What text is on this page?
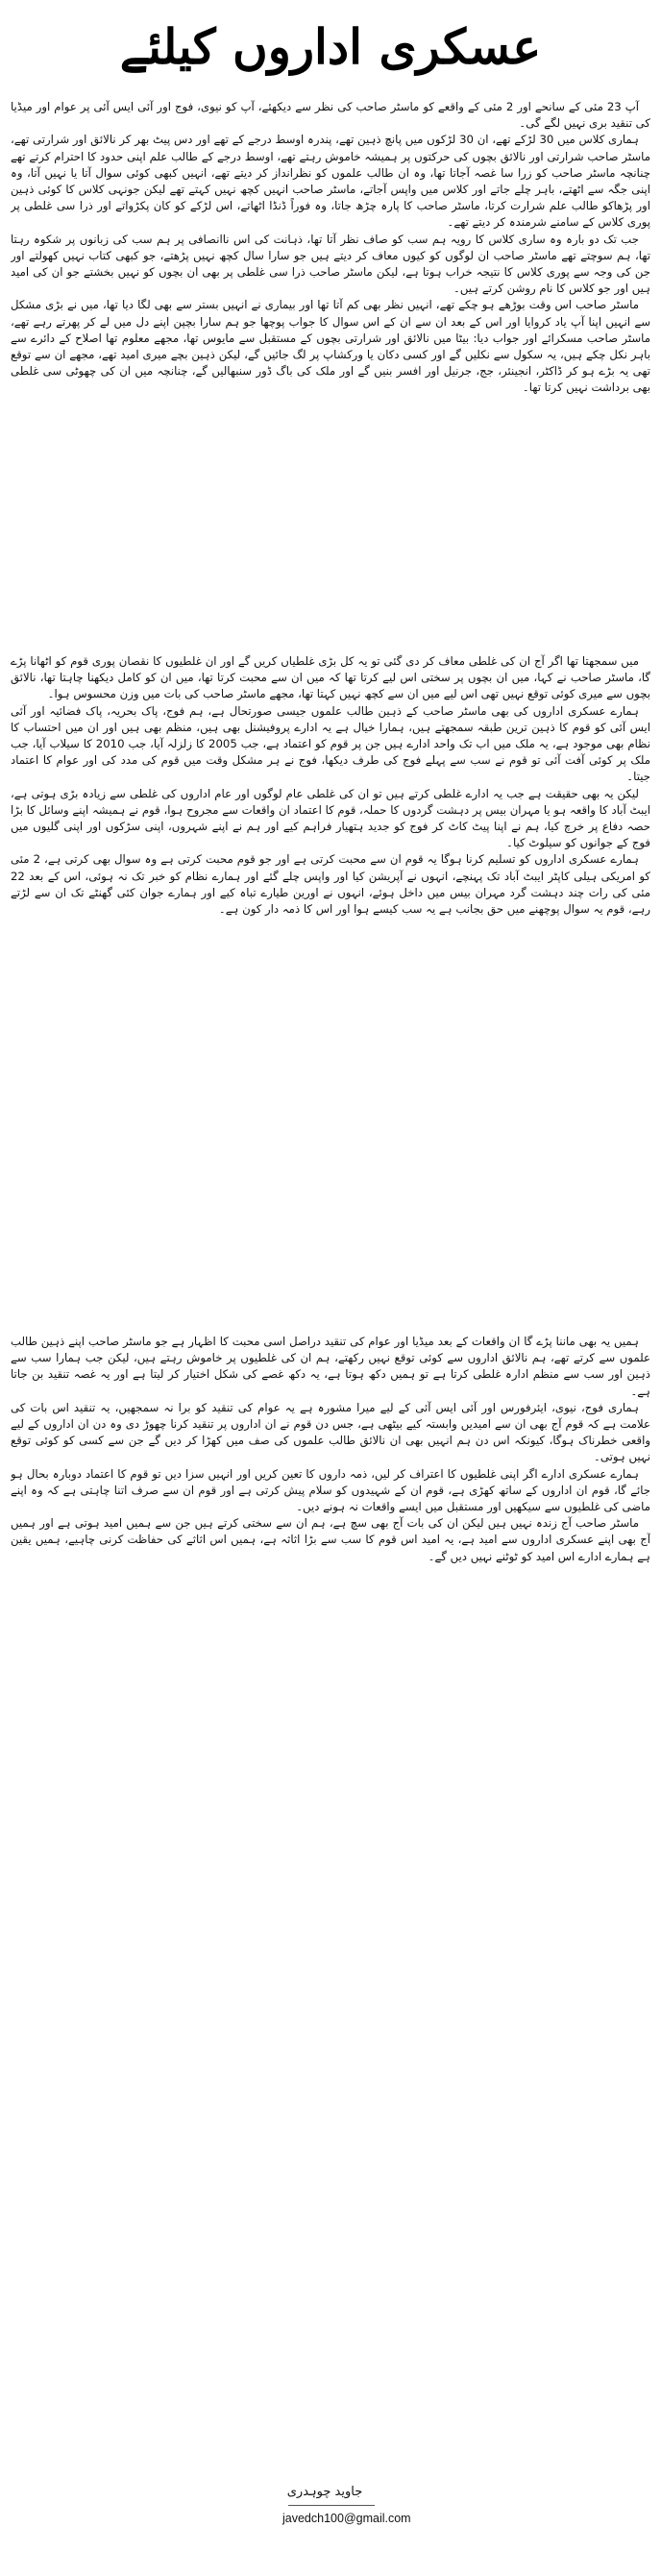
عسکری اداروں کیلئے

آپ 23 مئی کے سانحے اور 2 مئی کے واقعے کو ماسٹر صاحب کی نظر سے دیکھئے، آپ کو نیوی، فوج اور آئی ایس آئی پر عوام اور میڈیا کی تنقید بری نہیں لگے گی۔

ہماری کلاس میں 30 لڑکے تھے، ان 30 لڑکوں میں پانچ ذہین تھے، پندرہ اوسط درجے کے تھے اور دس پیٹ بھر کر نالائق اور شرارتی تھے، ماسٹر صاحب شرارتی اور نالائق بچوں کی حرکتوں پر ہمیشہ خاموش رہتے تھے، اوسط درجے کے طالب علم اپنی حدود کا احترام کرتے تھے چنانچہ ماسٹر صاحب کو زرا سا غصہ آجاتا تھا، وہ ان طالب علموں کو نظرانداز کر دیتے تھے، انہیں کبھی کوئی سوال آتا یا نہیں آتا، وہ اپنی جگہ سے اٹھتے، باہر چلے جاتے اور کلاس میں واپس آجاتے، ماسٹر صاحب انہیں کچھ نہیں کہتے تھے لیکن جونہی کلاس کا کوئی ذہین اور پڑھاکو طالب علم شرارت کرتا، ماسٹر صاحب کا پارہ چڑھ جاتا، وہ فوراً ڈنڈا اٹھاتے، اس لڑکے کو کان پکڑواتے اور ذرا سی غلطی پر پوری کلاس کے سامنے شرمندہ کر دیتے تھے۔

جب تک دو بارہ وہ ساری کلاس کا رویہ ہم سب کو صاف نظر آتا تھا، ذہانت کی اس ناانصافی پر ہم سب کی زبانوں پر شکوہ رہتا تھا، ہم سوچتے تھے ماسٹر صاحب ان لوگوں کو کیوں معاف کر دیتے ہیں جو سارا سال کچھ نہیں پڑھتے، جو کبھی کتاب نہیں کھولتے اور جن کی وجہ سے پوری کلاس کا نتیجہ خراب ہوتا ہے، لیکن ماسٹر صاحب ذرا سی غلطی پر بھی ان بچوں کو نہیں بخشتے جو ان کی امید ہیں اور جو کلاس کا نام روشن کرتے ہیں۔

ماسٹر صاحب اس وقت بوڑھے ہو چکے تھے، انہیں نظر بھی کم آتا تھا اور بیماری نے انہیں بستر سے بھی لگا دیا تھا، میں نے بڑی مشکل سے انہیں اپنا آپ یاد کروایا اور اس کے بعد ان سے ان کے اس سوال کا جواب پوچھا جو ہم سارا بچپن اپنے دل میں لے کر پھرتے رہے تھے، ماسٹر صاحب مسکرائے اور جواب دیا: بیٹا میں نالائق اور شرارتی بچوں کے مستقبل سے مایوس تھا، مجھے معلوم تھا اصلاح کے دائرے سے باہر نکل چکے ہیں، یہ سکول سے نکلیں گے اور کسی دکان یا ورکشاپ پر لگ جائیں گے، لیکن ذہین بچے میری امید تھے، مجھے ان سے توقع تھی یہ بڑے ہو کر ڈاکٹر، انجینئر، جج، جرنیل اور افسر بنیں گے اور ملک کی باگ ڈور سنبھالیں گے، چنانچہ میں ان کی چھوٹی سی غلطی بھی برداشت نہیں کرتا تھا۔

میں سمجھتا تھا اگر آج ان کی غلطی معاف کر دی گئی تو یہ کل بڑی غلطیاں کریں گے اور ان غلطیوں کا نقصان پوری قوم کو اٹھانا پڑے گا، ماسٹر صاحب نے کہا، میں ان بچوں پر سختی اس لیے کرتا تھا کہ میں ان سے محبت کرتا تھا، میں ان کو کامل دیکھنا چاہتا تھا، نالائق بچوں سے میری کوئی توقع نہیں تھی اس لیے میں ان سے کچھ نہیں کہتا تھا، مجھے ماسٹر صاحب کی بات میں وزن محسوس ہوا۔

ہمارے عسکری اداروں کی بھی ماسٹر صاحب کے ذہین طالب علموں جیسی صورتحال ہے، ہم فوج، پاک بحریہ، پاک فضائیہ اور آئی ایس آئی کو قوم کا ذہین ترین طبقہ سمجھتے ہیں، ہمارا خیال ہے یہ ادارے پروفیشنل بھی ہیں، منظم بھی ہیں اور ان میں احتساب کا نظام بھی موجود ہے، یہ ملک میں اب تک واحد ادارے ہیں جن پر قوم کو اعتماد ہے، جب 2005 کا زلزلہ آیا، جب 2010 کا سیلاب آیا، جب ملک پر کوئی آفت آئی تو قوم نے سب سے پہلے فوج کی طرف دیکھا، فوج نے ہر مشکل وقت میں قوم کی مدد کی اور عوام کا اعتماد جیتا۔

لیکن یہ بھی حقیقت ہے جب یہ ادارے غلطی کرتے ہیں تو ان کی غلطی عام لوگوں اور عام اداروں کی غلطی سے زیادہ بڑی ہوتی ہے، ایبٹ آباد کا واقعہ ہو یا مہران بیس پر دہشت گردوں کا حملہ، قوم کا اعتماد ان واقعات سے مجروح ہوا، قوم نے ہمیشہ اپنے وسائل کا بڑا حصہ دفاع پر خرچ کیا، ہم نے اپنا پیٹ کاٹ کر فوج کو جدید ہتھیار فراہم کیے اور ہم نے اپنے شہروں، اپنی سڑکوں اور اپنی گلیوں میں فوج کے جوانوں کو سیلوٹ کیا۔

ہمارے عسکری اداروں کو تسلیم کرنا ہوگا یہ قوم ان سے محبت کرتی ہے اور جو قوم محبت کرتی ہے وہ سوال بھی کرتی ہے، 2 مئی کو امریکی ہیلی کاپٹر ایبٹ آباد تک پہنچے، انہوں نے آپریشن کیا اور واپس چلے گئے اور ہمارے نظام کو خبر تک نہ ہوئی، اس کے بعد 22 مئی کی رات چند دہشت گرد مہران بیس میں داخل ہوئے، انہوں نے اورین طیارے تباہ کیے اور ہمارے جوان کئی گھنٹے تک ان سے لڑتے رہے، قوم یہ سوال پوچھنے میں حق بجانب ہے یہ سب کیسے ہوا اور اس کا ذمہ دار کون ہے۔

ہمیں یہ بھی ماننا پڑے گا ان واقعات کے بعد میڈیا اور عوام کی تنقید دراصل اسی محبت کا اظہار ہے جو ماسٹر صاحب اپنے ذہین طالب علموں سے کرتے تھے، ہم نالائق اداروں سے کوئی توقع نہیں رکھتے، ہم ان کی غلطیوں پر خاموش رہتے ہیں، لیکن جب ہمارا سب سے ذہین اور سب سے منظم ادارہ غلطی کرتا ہے تو ہمیں دکھ ہوتا ہے، یہ دکھ غصے کی شکل اختیار کر لیتا ہے اور یہ غصہ تنقید بن جاتا ہے۔

ہماری فوج، نیوی، ایئرفورس اور آئی ایس آئی کے لیے میرا مشورہ ہے یہ عوام کی تنقید کو برا نہ سمجھیں، یہ تنقید اس بات کی علامت ہے کہ قوم آج بھی ان سے امیدیں وابستہ کیے بیٹھی ہے، جس دن قوم نے ان اداروں پر تنقید کرنا چھوڑ دی وہ دن ان اداروں کے لیے واقعی خطرناک ہوگا، کیونکہ اس دن ہم انہیں بھی ان نالائق طالب علموں کی صف میں کھڑا کر دیں گے جن سے کسی کو کوئی توقع نہیں ہوتی۔

ہمارے عسکری ادارے اگر اپنی غلطیوں کا اعتراف کر لیں، ذمہ داروں کا تعین کریں اور انہیں سزا دیں تو قوم کا اعتماد دوبارہ بحال ہو جائے گا، قوم ان اداروں کے ساتھ کھڑی ہے، قوم ان کے شہیدوں کو سلام پیش کرتی ہے اور قوم ان سے صرف اتنا چاہتی ہے کہ وہ اپنے ماضی کی غلطیوں سے سیکھیں اور مستقبل میں ایسے واقعات نہ ہونے دیں۔

ماسٹر صاحب آج زندہ نہیں ہیں لیکن ان کی بات آج بھی سچ ہے، ہم ان سے سختی کرتے ہیں جن سے ہمیں امید ہوتی ہے اور ہمیں آج بھی اپنے عسکری اداروں سے امید ہے، یہ امید اس قوم کا سب سے بڑا اثاثہ ہے، ہمیں اس اثاثے کی حفاظت کرنی چاہیے، ہمیں یقین ہے ہمارے ادارے اس امید کو ٹوٹنے نہیں دیں گے۔

جاوید چوہدری
javedch100@gmail.com
